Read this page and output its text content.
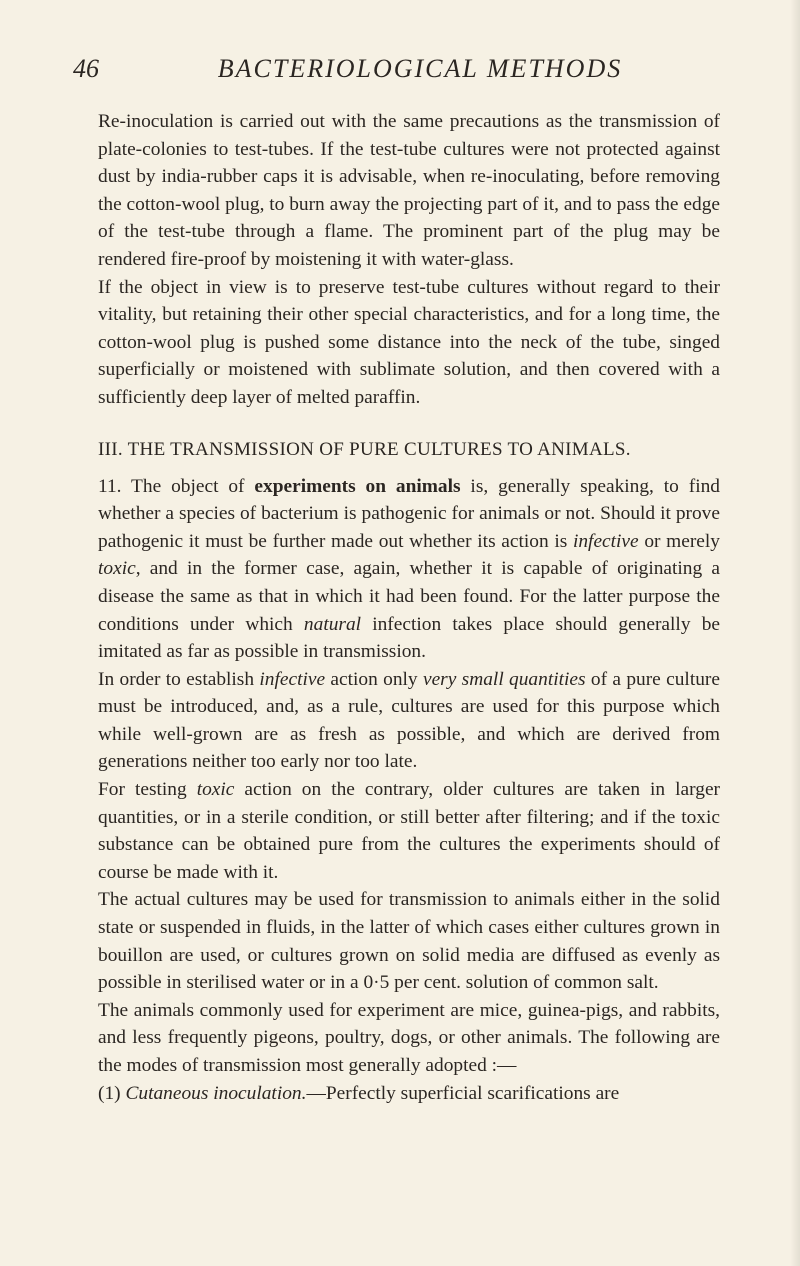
46	BACTERIOLOGICAL METHODS

Re-inoculation is carried out with the same precautions as the transmission of plate-colonies to test-tubes. If the test-tube cultures were not protected against dust by india-rubber caps it is advisable, when re-inoculating, before removing the cotton-wool plug, to burn away the projecting part of it, and to pass the edge of the test-tube through a flame. The prominent part of the plug may be rendered fire-proof by moistening it with water-glass.

If the object in view is to preserve test-tube cultures without regard to their vitality, but retaining their other special characteristics, and for a long time, the cotton-wool plug is pushed some distance into the neck of the tube, singed superficially or moistened with sublimate solution, and then covered with a sufficiently deep layer of melted paraffin.

III. THE TRANSMISSION OF PURE CULTURES TO ANIMALS.

11. The object of experiments on animals is, generally speaking, to find whether a species of bacterium is pathogenic for animals or not. Should it prove pathogenic it must be further made out whether its action is infective or merely toxic, and in the former case, again, whether it is capable of originating a disease the same as that in which it had been found. For the latter purpose the conditions under which natural infection takes place should generally be imitated as far as possible in transmission.

In order to establish infective action only very small quantities of a pure culture must be introduced, and, as a rule, cultures are used for this purpose which while well-grown are as fresh as possible, and which are derived from generations neither too early nor too late.

For testing toxic action on the contrary, older cultures are taken in larger quantities, or in a sterile condition, or still better after filtering; and if the toxic substance can be obtained pure from the cultures the experiments should of course be made with it.

The actual cultures may be used for transmission to animals either in the solid state or suspended in fluids, in the latter of which cases either cultures grown in bouillon are used, or cultures grown on solid media are diffused as evenly as possible in sterilised water or in a 0·5 per cent. solution of common salt.

The animals commonly used for experiment are mice, guinea-pigs, and rabbits, and less frequently pigeons, poultry, dogs, or other animals. The following are the modes of transmission most generally adopted :—

(1) Cutaneous inoculation.—Perfectly superficial scarifications are
